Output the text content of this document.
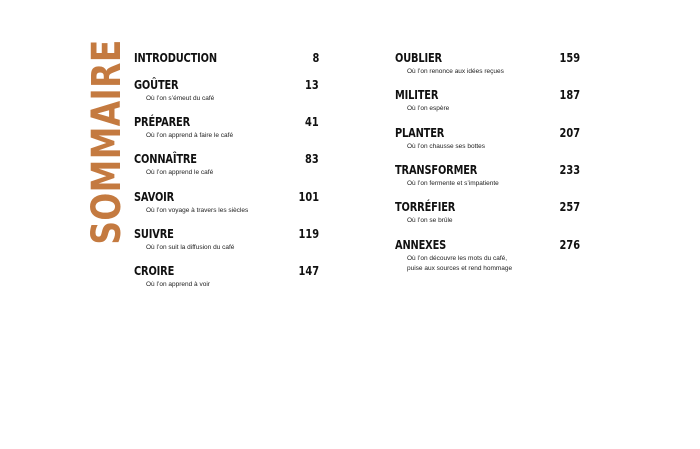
SOMMAIRE INTRODUCTION	8
GOÛTER	13
Où l’on s’émeut du café
PRÉPARER	41
Où l’on apprend à faire le café
CONNAÎTRE	83
Où l’on apprend le café
SAVOIR	101
Où l’on voyage à travers les siècles
SUIVRE	119
Où l’on suit la diffusion du café
CROIRE	147
Où l’on apprend à voir
OUBLIER	159
Où l’on renonce aux idées reçues
MILITER	187
Où l’on espère
PLANTER	207
Où l’on chausse ses bottes
TRANSFORMER	233
Où l’on fermente et s’impatiente
TORRÉFIER	257
Où l’on se brûle
ANNEXES	276
Où l’on découvre les mots du café,
puise aux sources et rend hommage
